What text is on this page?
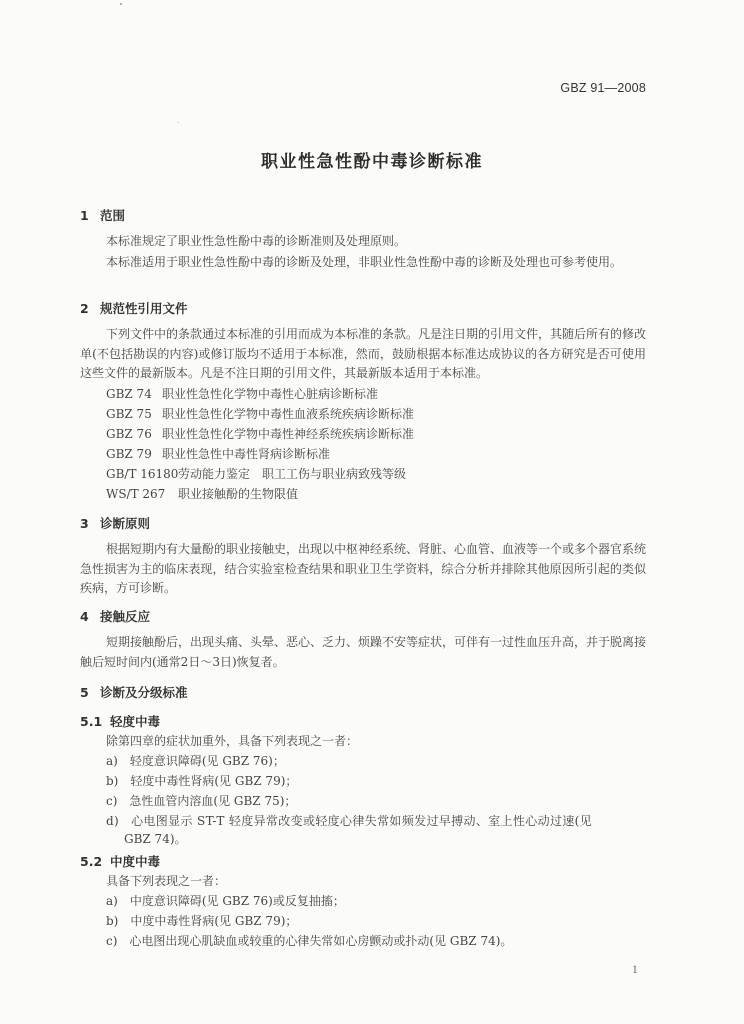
GBZ 91—2008
职业性急性酚中毒诊断标准
1 范围
本标准规定了职业性急性酚中毒的诊断准则及处理原则。
本标准适用于职业性急性酚中毒的诊断及处理，非职业性急性酚中毒的诊断及处理也可参考使用。
2 规范性引用文件
下列文件中的条款通过本标准的引用而成为本标准的条款。凡是注日期的引用文件，其随后所有的修改单(不包括勘误的内容)或修订版均不适用于本标准，然而，鼓励根据本标准达成协议的各方研究是否可使用这些文件的最新版本。凡是不注日期的引用文件，其最新版本适用于本标准。
GBZ 74 职业性急性化学物中毒性心脏病诊断标准
GBZ 75 职业性急性化学物中毒性血液系统疾病诊断标准
GBZ 76 职业性急性化学物中毒性神经系统疾病诊断标准
GBZ 79 职业性急性中毒性肾病诊断标准
GB/T 16180劳动能力鉴定　职工工伤与职业病致残等级
WS/T 267 职业接触酚的生物限值
3 诊断原则
根据短期内有大量酚的职业接触史，出现以中枢神经系统、肾脏、心血管、血液等一个或多个器官系统急性损害为主的临床表现，结合实验室检查结果和职业卫生学资料，综合分析并排除其他原因所引起的类似疾病，方可诊断。
4 接触反应
短期接触酚后，出现头痛、头晕、恶心、乏力、烦躁不安等症状，可伴有一过性血压升高，并于脱离接触后短时间内(通常2日～3日)恢复者。
5 诊断及分级标准
5.1 轻度中毒
除第四章的症状加重外，具备下列表现之一者：
a) 轻度意识障碍(见 GBZ 76)；
b) 轻度中毒性肾病(见 GBZ 79)；
c) 急性血管内溶血(见 GBZ 75)；
d) 心电图显示 ST-T 轻度异常改变或轻度心律失常如频发过早搏动、室上性心动过速(见
GBZ 74)。
5.2 中度中毒
具备下列表现之一者：
a) 中度意识障碍(见 GBZ 76)或反复抽搐；
b) 中度中毒性肾病(见 GBZ 79)；
c) 心电图出现心肌缺血或较重的心律失常如心房颤动或扑动(见 GBZ 74)。
1
